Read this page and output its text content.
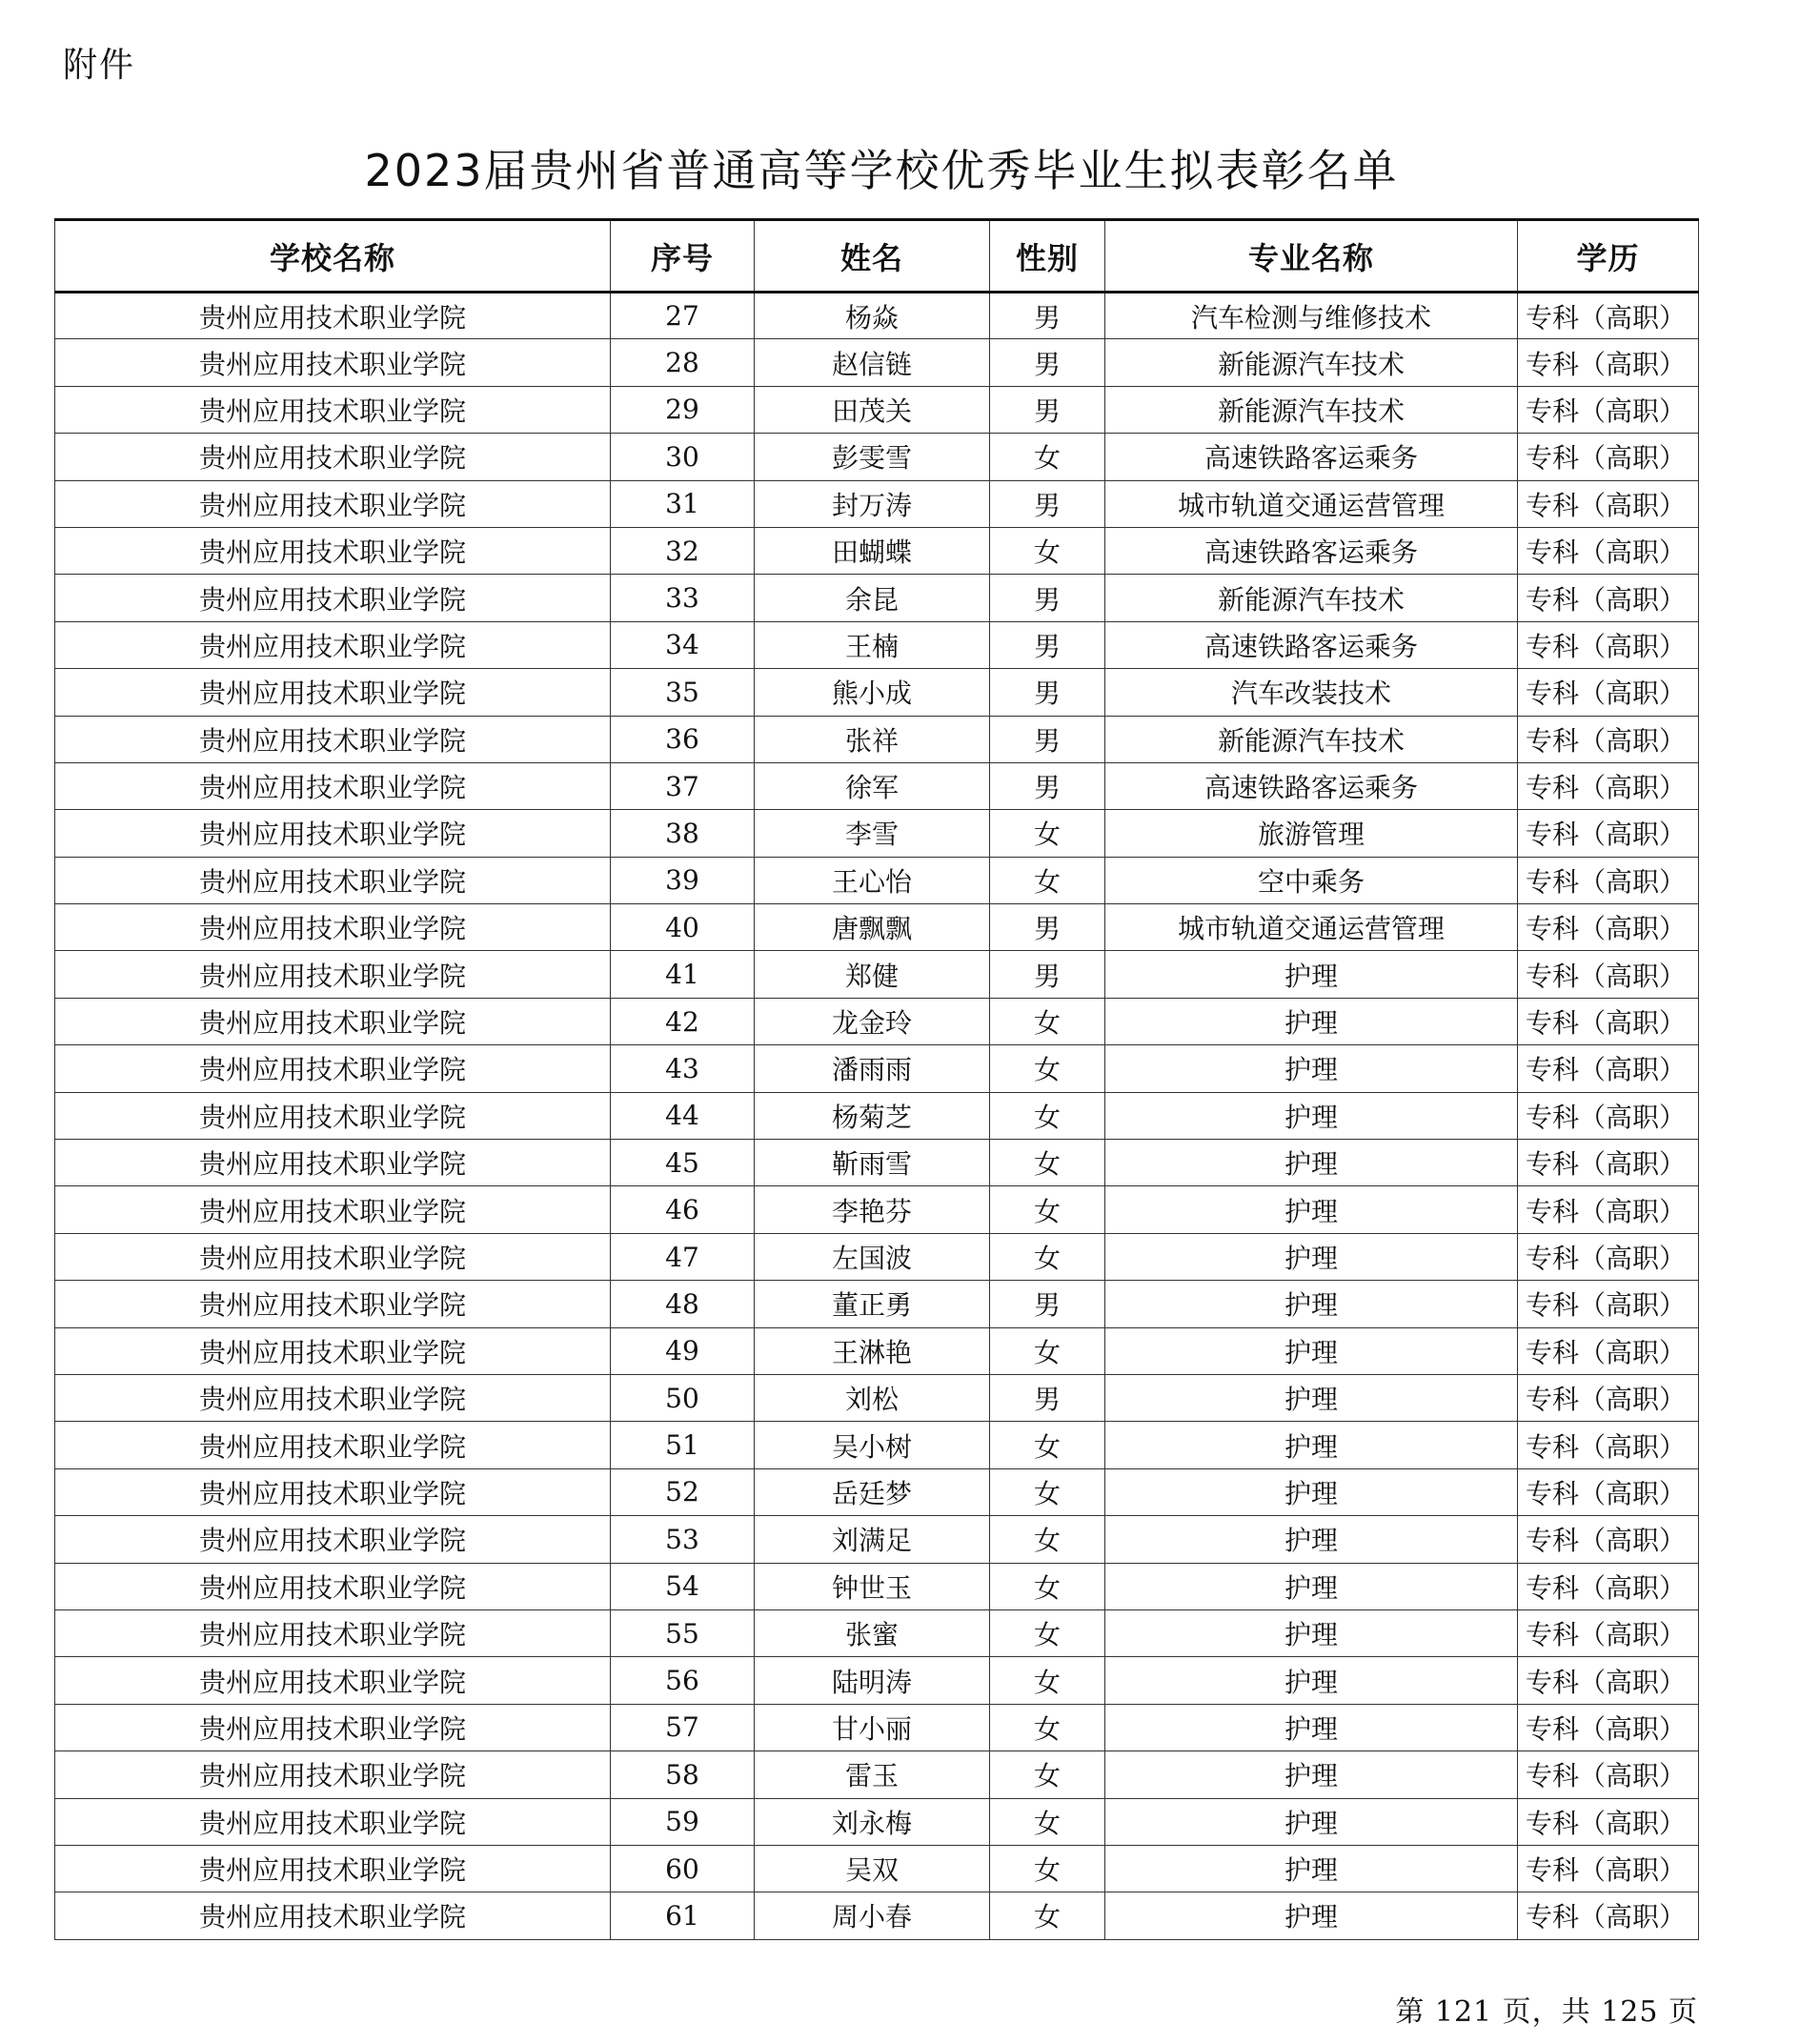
附件
2023届贵州省普通高等学校优秀毕业生拟表彰名单
学校名称	序号	姓名	性别	专业名称	学历
贵州应用技术职业学院	27	杨焱	男	汽车检测与维修技术	专科（高职）
贵州应用技术职业学院	28	赵信链	男	新能源汽车技术	专科（高职）
贵州应用技术职业学院	29	田茂关	男	新能源汽车技术	专科（高职）
贵州应用技术职业学院	30	彭雯雪	女	高速铁路客运乘务	专科（高职）
贵州应用技术职业学院	31	封万涛	男	城市轨道交通运营管理	专科（高职）
贵州应用技术职业学院	32	田蝴蝶	女	高速铁路客运乘务	专科（高职）
贵州应用技术职业学院	33	余昆	男	新能源汽车技术	专科（高职）
贵州应用技术职业学院	34	王楠	男	高速铁路客运乘务	专科（高职）
贵州应用技术职业学院	35	熊小成	男	汽车改装技术	专科（高职）
贵州应用技术职业学院	36	张祥	男	新能源汽车技术	专科（高职）
贵州应用技术职业学院	37	徐军	男	高速铁路客运乘务	专科（高职）
贵州应用技术职业学院	38	李雪	女	旅游管理	专科（高职）
贵州应用技术职业学院	39	王心怡	女	空中乘务	专科（高职）
贵州应用技术职业学院	40	唐飘飘	男	城市轨道交通运营管理	专科（高职）
贵州应用技术职业学院	41	郑健	男	护理	专科（高职）
贵州应用技术职业学院	42	龙金玲	女	护理	专科（高职）
贵州应用技术职业学院	43	潘雨雨	女	护理	专科（高职）
贵州应用技术职业学院	44	杨菊芝	女	护理	专科（高职）
贵州应用技术职业学院	45	靳雨雪	女	护理	专科（高职）
贵州应用技术职业学院	46	李艳芬	女	护理	专科（高职）
贵州应用技术职业学院	47	左国波	女	护理	专科（高职）
贵州应用技术职业学院	48	董正勇	男	护理	专科（高职）
贵州应用技术职业学院	49	王淋艳	女	护理	专科（高职）
贵州应用技术职业学院	50	刘松	男	护理	专科（高职）
贵州应用技术职业学院	51	吴小树	女	护理	专科（高职）
贵州应用技术职业学院	52	岳廷梦	女	护理	专科（高职）
贵州应用技术职业学院	53	刘满足	女	护理	专科（高职）
贵州应用技术职业学院	54	钟世玉	女	护理	专科（高职）
贵州应用技术职业学院	55	张蜜	女	护理	专科（高职）
贵州应用技术职业学院	56	陆明涛	女	护理	专科（高职）
贵州应用技术职业学院	57	甘小丽	女	护理	专科（高职）
贵州应用技术职业学院	58	雷玉	女	护理	专科（高职）
贵州应用技术职业学院	59	刘永梅	女	护理	专科（高职）
贵州应用技术职业学院	60	吴双	女	护理	专科（高职）
贵州应用技术职业学院	61	周小春	女	护理	专科（高职）
第 121 页，共 125 页
